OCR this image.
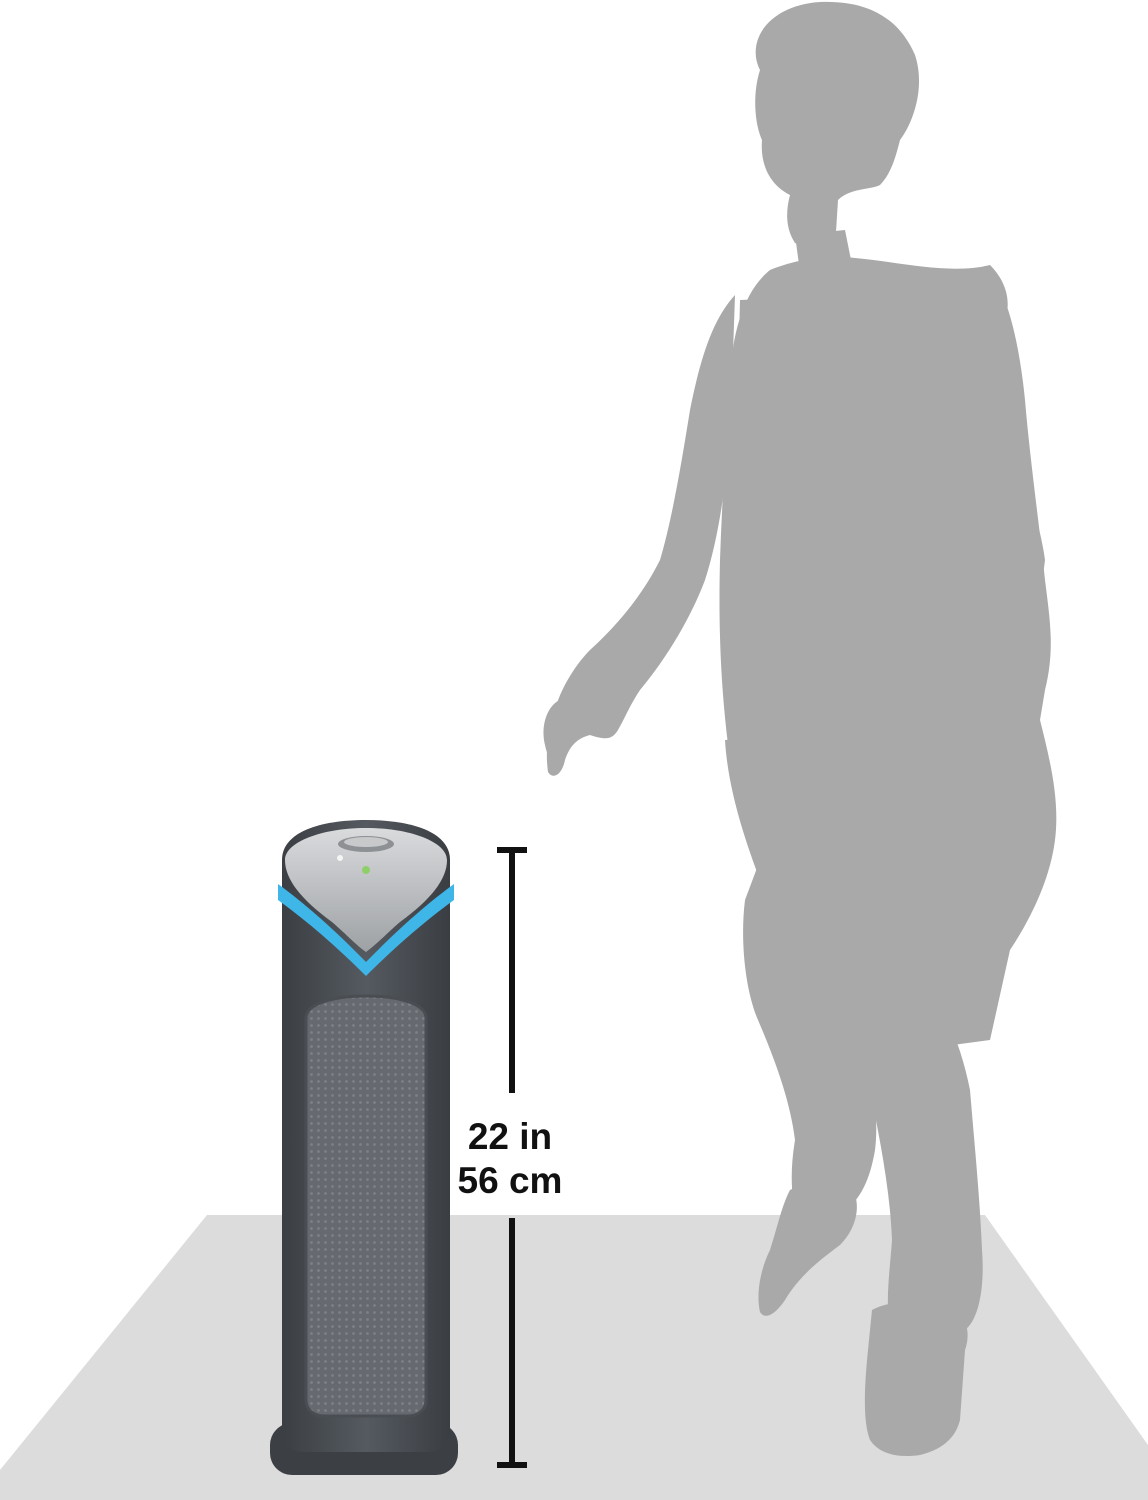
22 in
56 cm
